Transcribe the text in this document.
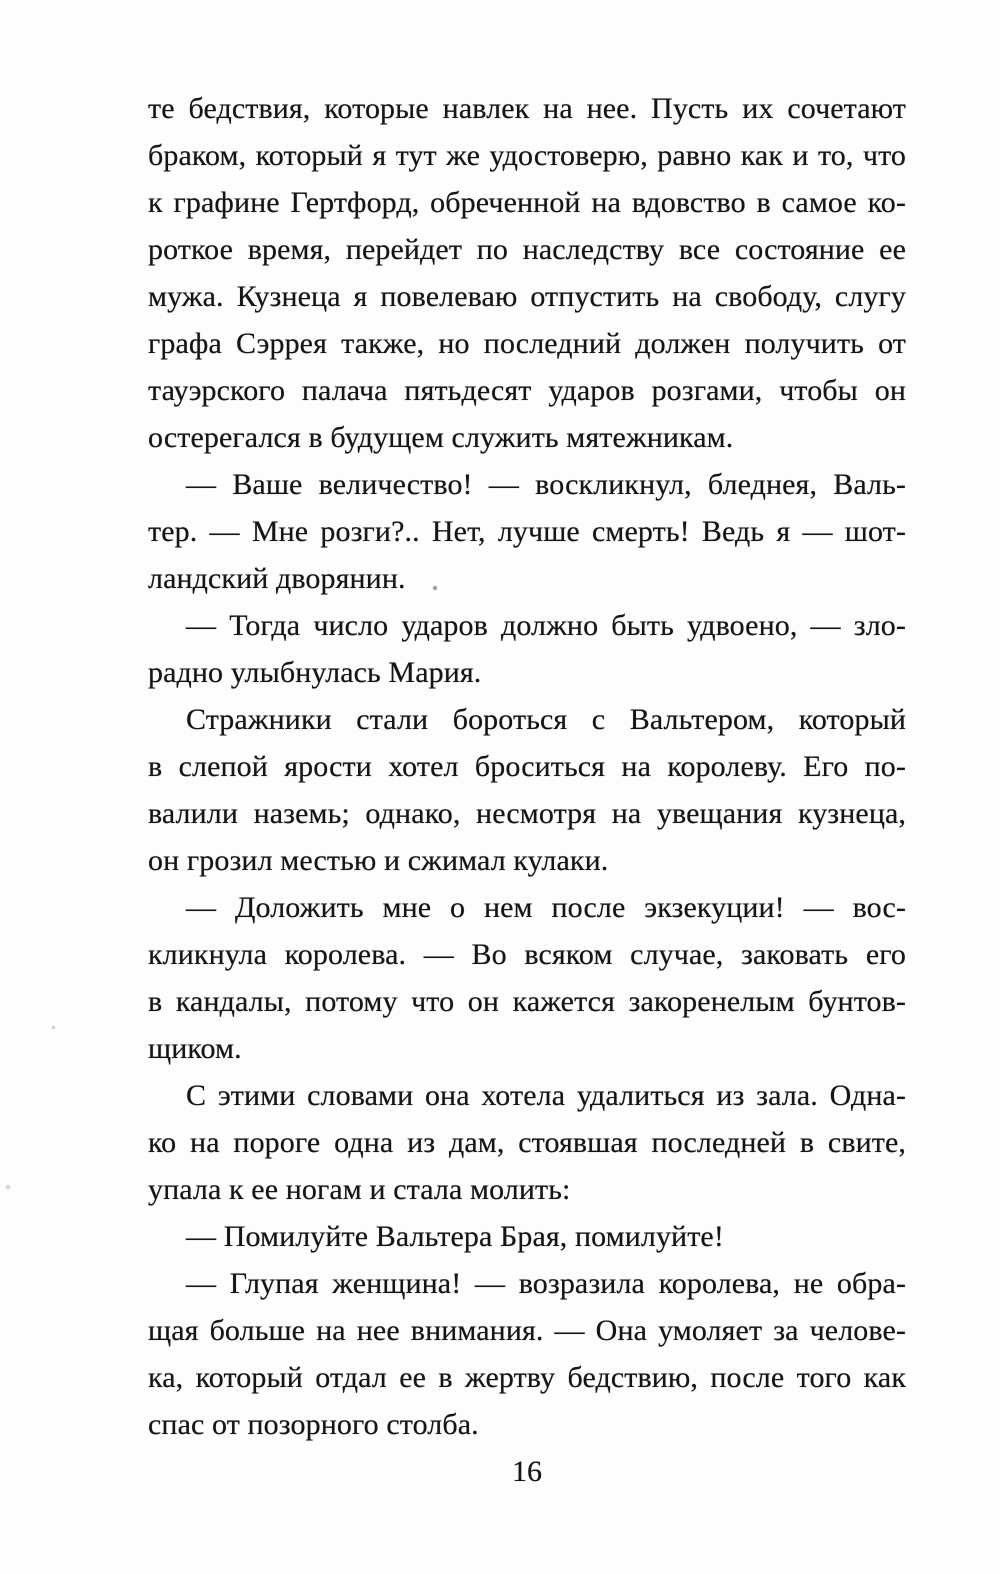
те бедствия, которые навлек на нее. Пусть их сочетают
браком, который я тут же удостоверю, равно как и то, что
к графине Гертфорд, обреченной на вдовство в самое ко-
роткое время, перейдет по наследству все состояние ее
мужа. Кузнеца я повелеваю отпустить на свободу, слугу
графа Сэррея также, но последний должен получить от
тауэрского палача пятьдесят ударов розгами, чтобы он
остерегался в будущем служить мятежникам.
— Ваше величество! — воскликнул, бледнея, Валь-
тер. — Мне розги?.. Нет, лучше смерть! Ведь я — шот-
ландский дворянин.
— Тогда число ударов должно быть удвоено, — зло-
радно улыбнулась Мария.
Стражники стали бороться с Вальтером, который
в слепой ярости хотел броситься на королеву. Его по-
валили наземь; однако, несмотря на увещания кузнеца,
он грозил местью и сжимал кулаки.
— Доложить мне о нем после экзекуции! — вос-
кликнула королева. — Во всяком случае, заковать его
в кандалы, потому что он кажется закоренелым бунтов-
щиком.
С этими словами она хотела удалиться из зала. Одна-
ко на пороге одна из дам, стоявшая последней в свите,
упала к ее ногам и стала молить:
— Помилуйте Вальтера Брая, помилуйте!
— Глупая женщина! — возразила королева, не обра-
щая больше на нее внимания. — Она умоляет за челове-
ка, который отдал ее в жертву бедствию, после того как
спас от позорного столба.
16
